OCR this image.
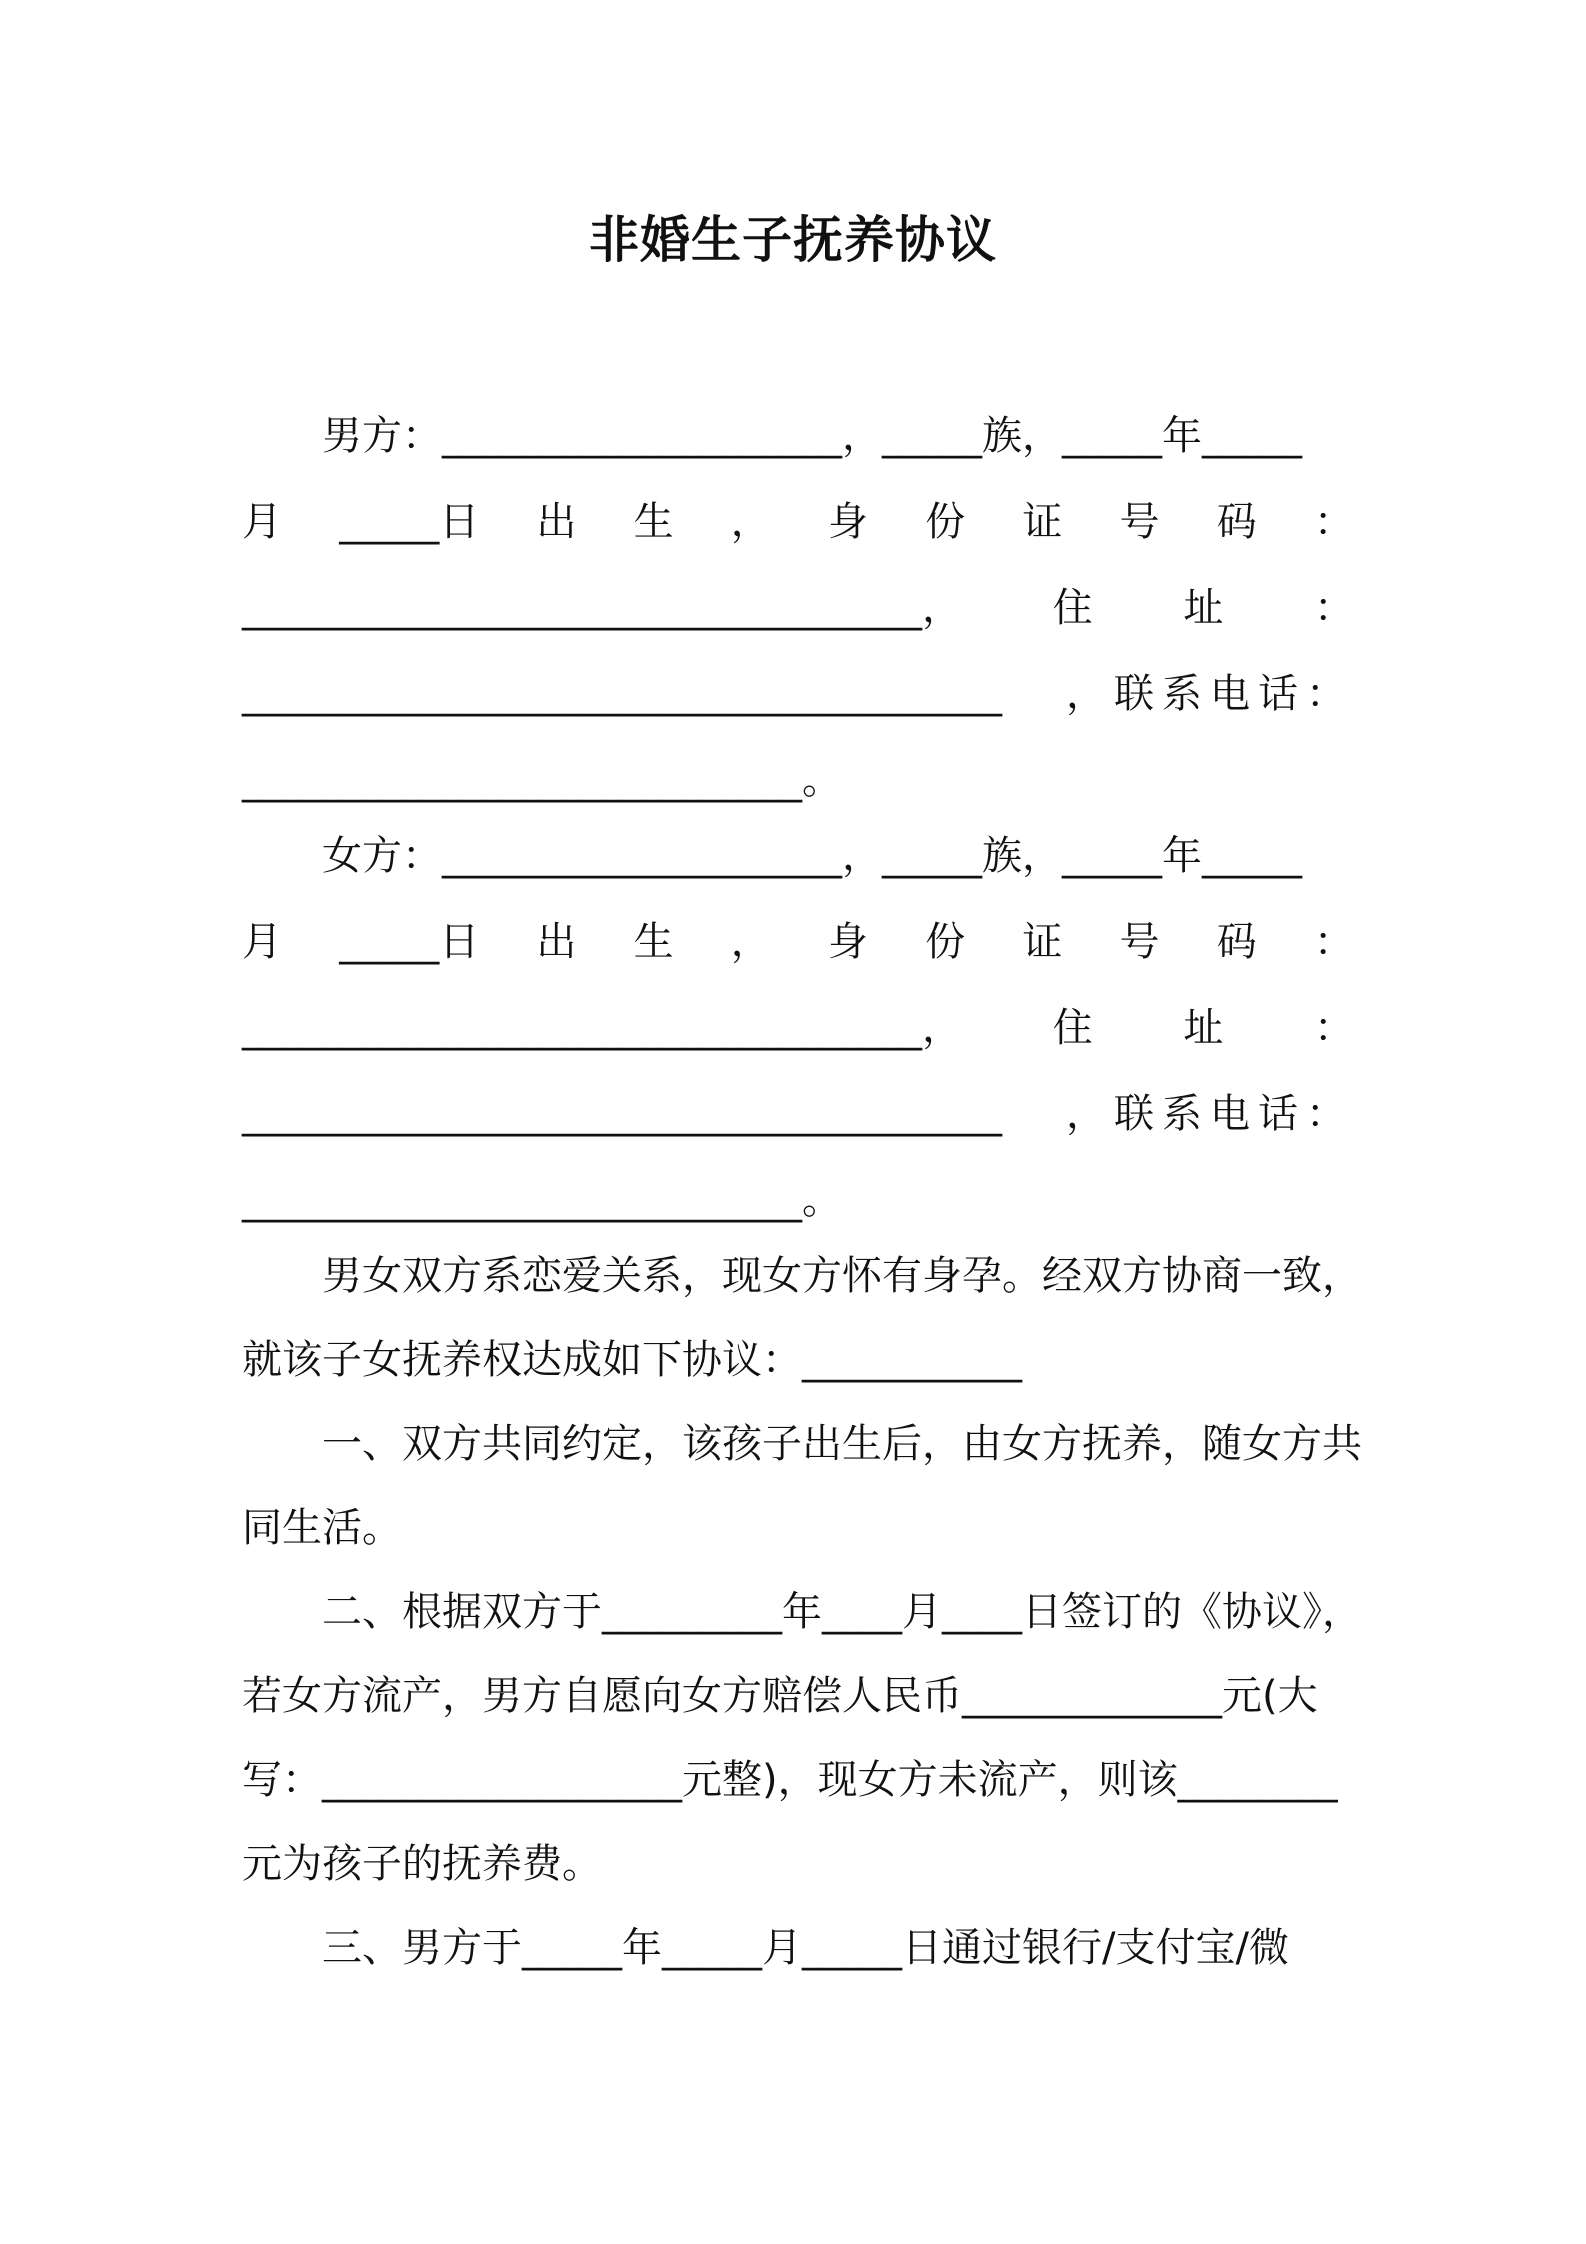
非婚生子抚养协议
男方：____________________，_____族，_____年_____
月 _____日 出 生 ， 身 份 证 号 码 ：
__________________________________， 住 址 ：
______________________________________ ，联系电话：
____________________________。
女方：____________________，_____族，_____年_____
月 _____日 出 生 ， 身 份 证 号 码 ：
__________________________________， 住 址 ：
______________________________________ ，联系电话：
____________________________。
男女双方系恋爱关系，现女方怀有身孕。经双方协商一致，
就该子女抚养权达成如下协议：___________
一、双方共同约定，该孩子出生后，由女方抚养，随女方共
同生活。
二、根据双方于_________年____月____日签订的《协议》，
若女方流产，男方自愿向女方赔偿人民币_____________元(大
写：__________________元整)，现女方未流产，则该________
元为孩子的抚养费。
三、男方于_____年_____月_____日通过银行/支付宝/微
